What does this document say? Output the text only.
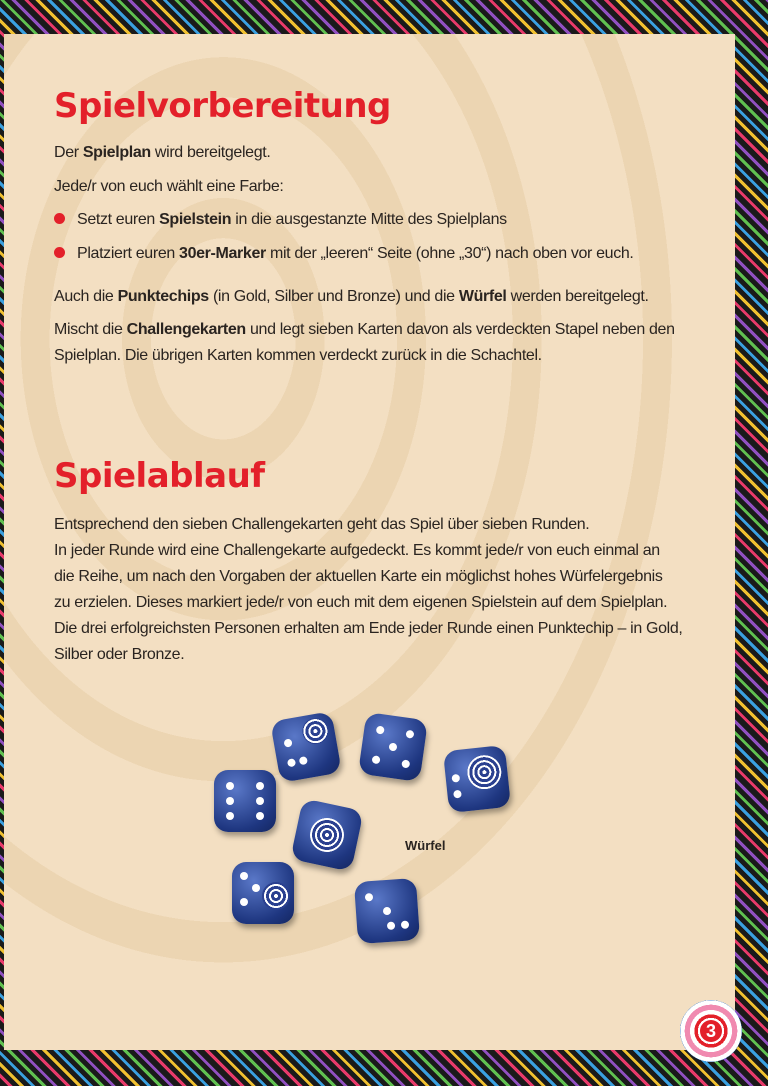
Spielvorbereitung

Der Spielplan wird bereitgelegt.

Jede/r von euch wählt eine Farbe:

Setzt euren Spielstein in die ausgestanzte Mitte des Spielplans

Platziert euren 30er-Marker mit der „leeren“ Seite (ohne „30“) nach oben vor euch.

Auch die Punktechips (in Gold, Silber und Bronze) und die Würfel werden bereitgelegt.

Mischt die Challengekarten und legt sieben Karten davon als verdeckten Stapel neben den Spielplan. Die übrigen Karten kommen verdeckt zurück in die Schachtel.

Spielablauf

Entsprechend den sieben Challengekarten geht das Spiel über sieben Runden.
In jeder Runde wird eine Challengekarte aufgedeckt. Es kommt jede/r von euch einmal an
die Reihe, um nach den Vorgaben der aktuellen Karte ein möglichst hohes Würfelergebnis
zu erzielen. Dieses markiert jede/r von euch mit dem eigenen Spielstein auf dem Spielplan.
Die drei erfolgreichsten Personen erhalten am Ende jeder Runde einen Punktechip – in Gold,
Silber oder Bronze.

Würfel
3
